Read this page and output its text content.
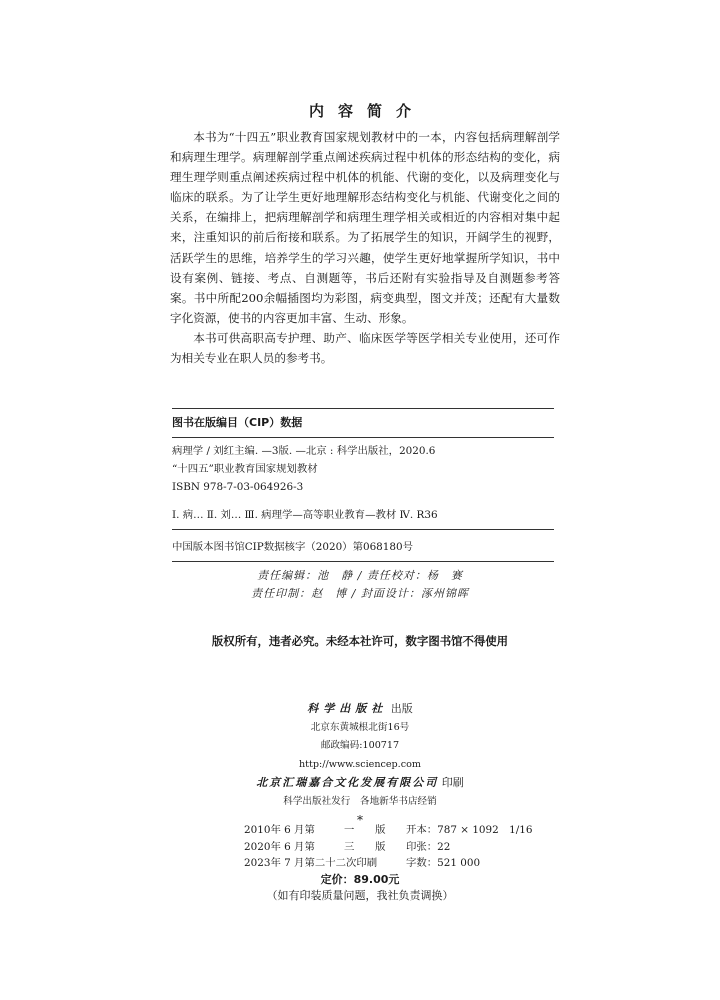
内容简介

本书为“十四五”职业教育国家规划教材中的一本，内容包括病理解剖学和病理生理学。病理解剖学重点阐述疾病过程中机体的形态结构的变化，病理生理学则重点阐述疾病过程中机体的机能、代谢的变化，以及病理变化与临床的联系。为了让学生更好地理解形态结构变化与机能、代谢变化之间的关系，在编排上，把病理解剖学和病理生理学相关或相近的内容相对集中起来，注重知识的前后衔接和联系。为了拓展学生的知识，开阔学生的视野，活跃学生的思维，培养学生的学习兴趣，使学生更好地掌握所学知识，书中设有案例、链接、考点、自测题等，书后还附有实验指导及自测题参考答案。书中所配200余幅插图均为彩图，病变典型，图文并茂；还配有大量数字化资源，使书的内容更加丰富、生动、形象。

本书可供高职高专护理、助产、临床医学等医学相关专业使用，还可作为相关专业在职人员的参考书。

图书在版编目（CIP）数据
病理学 / 刘红主编. —3版. —北京 : 科学出版社，2020.6
“十四五”职业教育国家规划教材
ISBN 978-7-03-064926-3
Ⅰ. 病… Ⅱ. 刘… Ⅲ. 病理学—高等职业教育—教材 Ⅳ. R36
中国版本图书馆CIP数据核字（2020）第068180号
责任编辑：池　静 / 责任校对：杨　赛
责任印制：赵　博 / 封面设计：涿州锦晖
版权所有，违者必究。未经本社许可，数字图书馆不得使用
科学出版社 出版
北京东黄城根北街16号
邮政编码:100717
http://www.sciencep.com
北京汇瑞嘉合文化发展有限公司 印刷
科学出版社发行　各地新华书店经销
*
2010年 6 月第	一　　版	开本：787 × 1092　1/16
2020年 6 月第	三　　版	印张：22
2023年 7 月第二十二次印刷	字数：521 000
定价：89.00元
（如有印装质量问题，我社负责调换）
